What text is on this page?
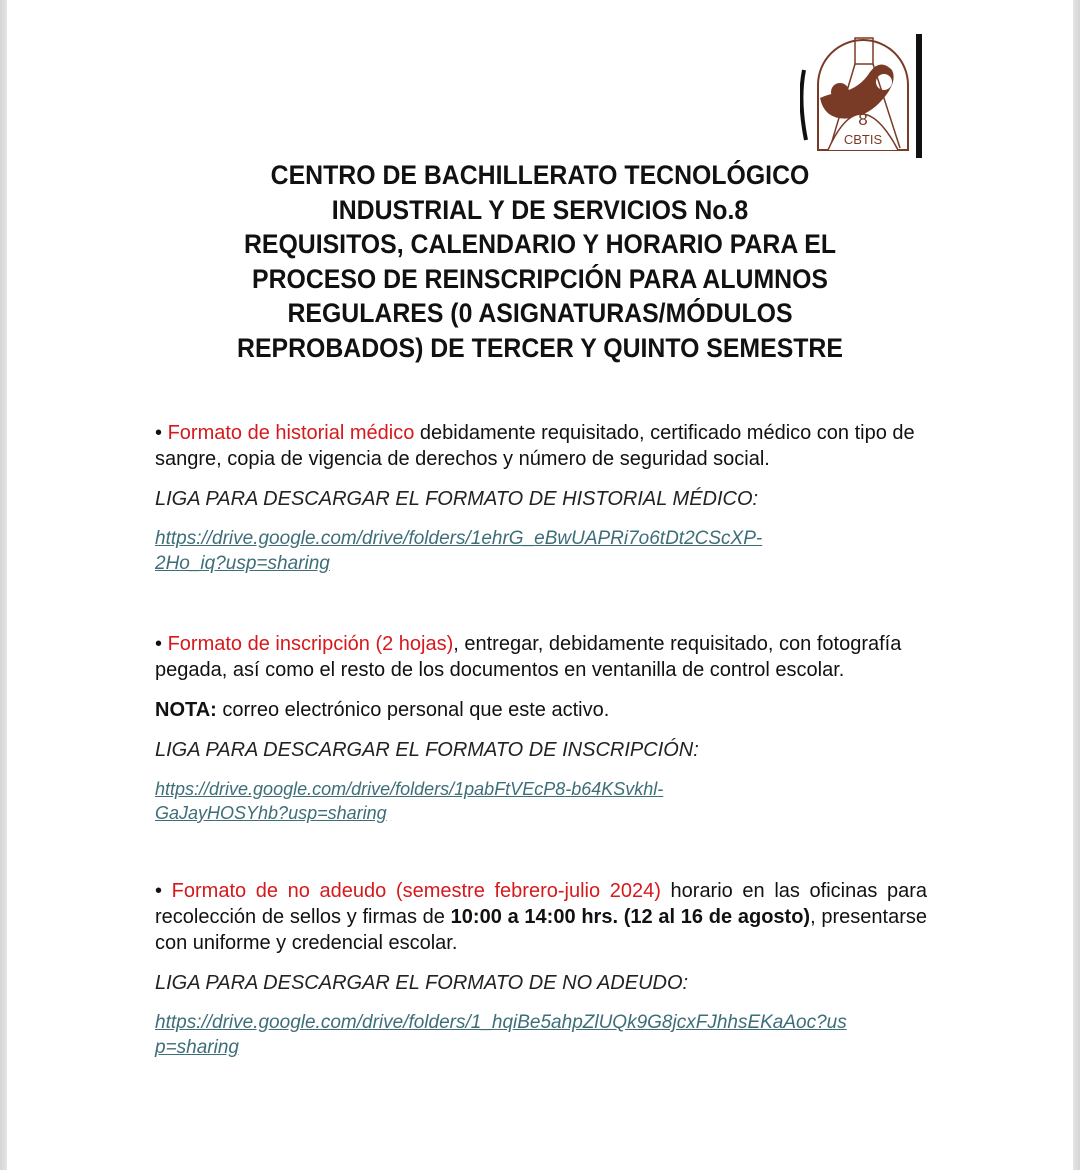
8
CBTIS
CENTRO DE BACHILLERATO TECNOLÓGICO
INDUSTRIAL Y DE SERVICIOS No.8
REQUISITOS, CALENDARIO Y HORARIO PARA EL
PROCESO DE REINSCRIPCIÓN PARA ALUMNOS
REGULARES (0 ASIGNATURAS/MÓDULOS
REPROBADOS) DE TERCER Y QUINTO SEMESTRE

• Formato de historial médico debidamente requisitado, certificado médico con tipo de sangre, copia de vigencia de derechos y número de seguridad social.

LIGA PARA DESCARGAR EL FORMATO DE HISTORIAL MÉDICO:
https://drive.google.com/drive/folders/1ehrG_eBwUAPRi7o6tDt2CScXP-
2Ho_iq?usp=sharing

• Formato de inscripción (2 hojas), entregar, debidamente requisitado, con fotografía pegada, así como el resto de los documentos en ventanilla de control escolar.

NOTA: correo electrónico personal que este activo.
LIGA PARA DESCARGAR EL FORMATO DE INSCRIPCIÓN:
https://drive.google.com/drive/folders/1pabFtVEcP8-b64KSvkhl-
GaJayHOSYhb?usp=sharing

• Formato de no adeudo (semestre febrero-julio 2024) horario en las oficinas para recolección de sellos y firmas de 10:00 a 14:00 hrs. (12 al 16 de agosto), presentarse con uniforme y credencial escolar.

LIGA PARA DESCARGAR EL FORMATO DE NO ADEUDO:
https://drive.google.com/drive/folders/1_hqiBe5ahpZlUQk9G8jcxFJhhsEKaAoc?us
p=sharing
